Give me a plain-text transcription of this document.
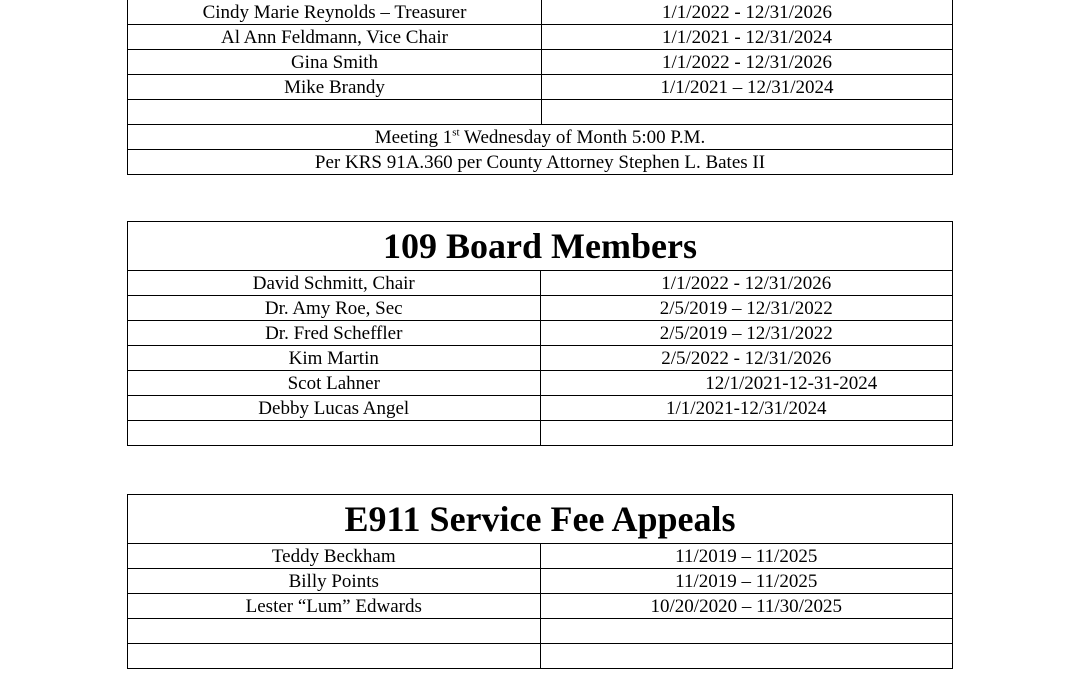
Cindy Marie Reynolds – Treasurer	1/1/2022 - 12/31/2026
Al Ann Feldmann, Vice Chair	1/1/2021 - 12/31/2024
Gina Smith	1/1/2022 - 12/31/2026
Mike Brandy	1/1/2021 – 12/31/2024

Meeting 1st Wednesday of Month 5:00 P.M.	
Per KRS 91A.360 per County Attorney Stephen L. Bates II	
109 Board Members	
David Schmitt, Chair	1/1/2022 - 12/31/2026
Dr. Amy Roe, Sec	2/5/2019 – 12/31/2022
Dr. Fred Scheffler	2/5/2019 – 12/31/2022
Kim Martin	2/5/2022 - 12/31/2026
Scot Lahner	12/1/2021-12-31-2024
Debby Lucas Angel	1/1/2021-12/31/2024

E911 Service Fee Appeals	
Teddy Beckham	11/2019 – 11/2025
Billy Points	11/2019 – 11/2025
Lester “Lum” Edwards	10/20/2020 – 11/30/2025
